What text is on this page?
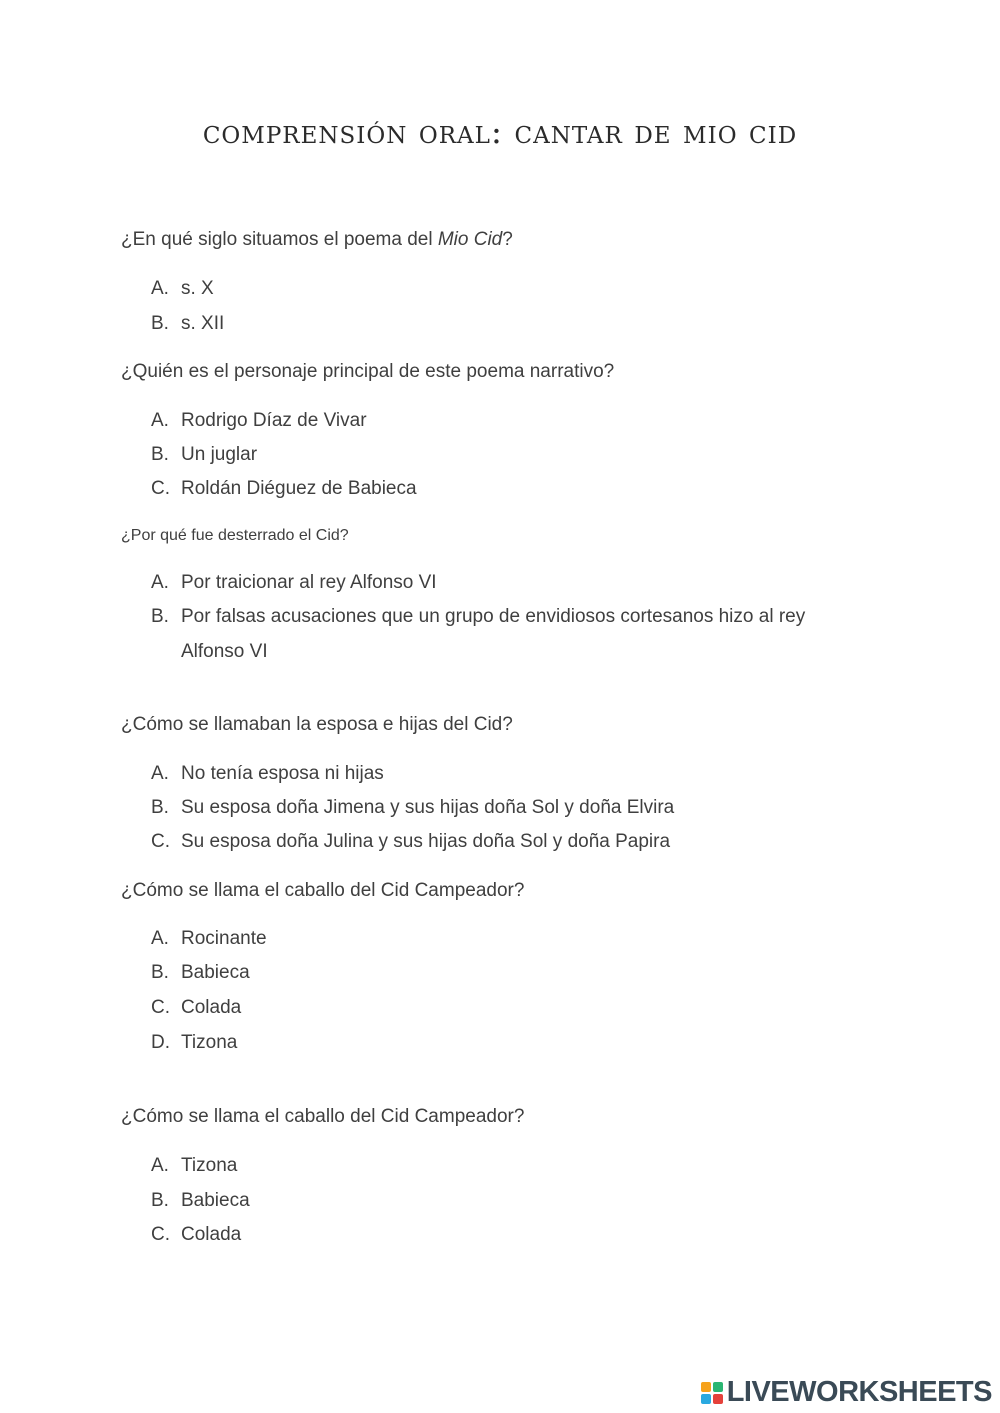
comprensión oral: cantar de mio cid
¿En qué siglo situamos el poema del Mio Cid?
A. s. X
B. s. XII
¿Quién es el personaje principal de este poema narrativo?
A. Rodrigo Díaz de Vivar
B. Un juglar
C. Roldán Diéguez de Babieca
¿Por qué fue desterrado el Cid?
A. Por traicionar al rey Alfonso VI
B. Por falsas acusaciones que un grupo de envidiosos cortesanos hizo al rey Alfonso VI
¿Cómo se llamaban la esposa e hijas del Cid?
A. No tenía esposa ni hijas
B. Su esposa doña Jimena y sus hijas doña Sol y doña Elvira
C. Su esposa doña Julina y sus hijas doña Sol y doña Papira
¿Cómo se llama el caballo del Cid Campeador?
A. Rocinante
B. Babieca
C. Colada
D. Tizona
¿Cómo se llama el caballo del Cid Campeador?
A. Tizona
B. Babieca
C. Colada
LIVEWORKSHEETS
